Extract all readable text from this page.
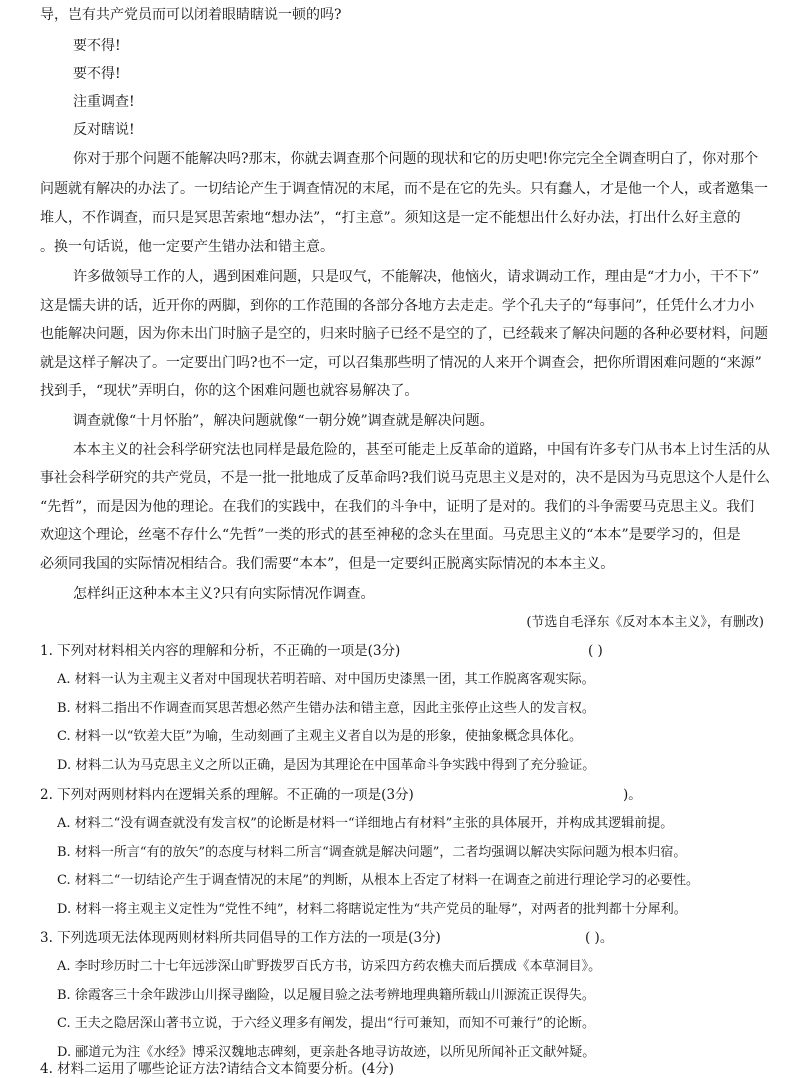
导，岂有共产党员而可以闭着眼睛瞎说一顿的吗?
要不得!
要不得!
注重调查!
反对瞎说!
你对于那个问题不能解决吗?那末，你就去调查那个问题的现状和它的历史吧!你完完全全调查明白了，你对那个
问题就有解决的办法了。一切结论产生于调查情况的末尾，而不是在它的先头。只有蠢人，才是他一个人，或者邀集一
堆人，不作调查，而只是冥思苦索地“想办法”，“打主意”。须知这是一定不能想出什么好办法，打出什么好主意的
。换一句话说，他一定要产生错办法和错主意。
许多做领导工作的人，遇到困难问题，只是叹气，不能解决，他恼火，请求调动工作，理由是“才力小，干不下”
这是懦夫讲的话，近开你的两脚，到你的工作范围的各部分各地方去走走。学个孔夫子的“每事问”，任凭什么才力小
也能解决问题，因为你未出门时脑子是空的，归来时脑子已经不是空的了，已经载来了解决问题的各种必要材料，问题
就是这样子解决了。一定要出门吗?也不一定，可以召集那些明了情况的人来开个调查会，把你所谓困难问题的“来源”
找到手，“现状”弄明白，你的这个困难问题也就容易解决了。
调查就像“十月怀胎”，解决问题就像“一朝分娩”调查就是解决问题。
本本主义的社会科学研究法也同样是最危险的，甚至可能走上反革命的道路，中国有许多专门从书本上讨生活的从
事社会科学研究的共产党员，不是一批一批地成了反革命吗?我们说马克思主义是对的，决不是因为马克思这个人是什么
“先哲”，而是因为他的理论。在我们的实践中，在我们的斗争中，证明了是对的。我们的斗争需要马克思主义。我们
欢迎这个理论，丝毫不存什么“先哲”一类的形式的甚至神秘的念头在里面。马克思主义的“本本”是要学习的，但是
必须同我国的实际情况相结合。我们需要“本本”，但是一定要纠正脱离实际情况的本本主义。
怎样纠正这种本本主义?只有向实际情况作调查。
(节选自毛泽东《反对本本主义》，有删改)
1. 下列对材料相关内容的理解和分析，不正确的一项是(3分)	( )
A. 材料一认为主观主义者对中国现状若明若暗、对中国历史漆黑一团，其工作脱离客观实际。
B. 材料二指出不作调查而冥思苦想必然产生错办法和错主意，因此主张停止这些人的发言权。
C. 材料一以“钦差大臣”为喻，生动刻画了主观主义者自以为是的形象，使抽象概念具体化。
D. 材料二认为马克思主义之所以正确，是因为其理论在中国革命斗争实践中得到了充分验证。
2. 下列对两则材料内在逻辑关系的理解。不正确的一项是(3分)	)。
A. 材料二“没有调查就没有发言权”的论断是材料一“详细地占有材料”主张的具体展开，并构成其逻辑前提。
B. 材料一所言“有的放矢”的态度与材料二所言“调查就是解决问题”，二者均强调以解决实际问题为根本归宿。
C. 材料二“一切结论产生于调查情况的末尾”的判断，从根本上否定了材料一在调查之前进行理论学习的必要性。
D. 材料一将主观主义定性为“党性不纯”，材料二将瞎说定性为“共产党员的耻辱”，对两者的批判都十分犀利。
3. 下列选项无法体现两则材料所共同倡导的工作方法的一项是(3分)	( )。
A. 李时珍历时二十七年远涉深山旷野拨罗百氏方书，访采四方药农樵夫而后撰成《本草洞目》。
B. 徐霞客三十余年跋涉山川探寻幽险，以足履目验之法考辨地理典籍所载山川源流正误得失。
C. 王夫之隐居深山著书立说，于六经义理多有阐发，提出“行可兼知，而知不可兼行”的论断。
D. 郦道元为注《水经》博采汉魏地志碑刻，更亲赴各地寻访故迹，以所见所闻补正文献舛疑。
4. 材料二运用了哪些论证方法?请结合文本简要分析。(4分)
